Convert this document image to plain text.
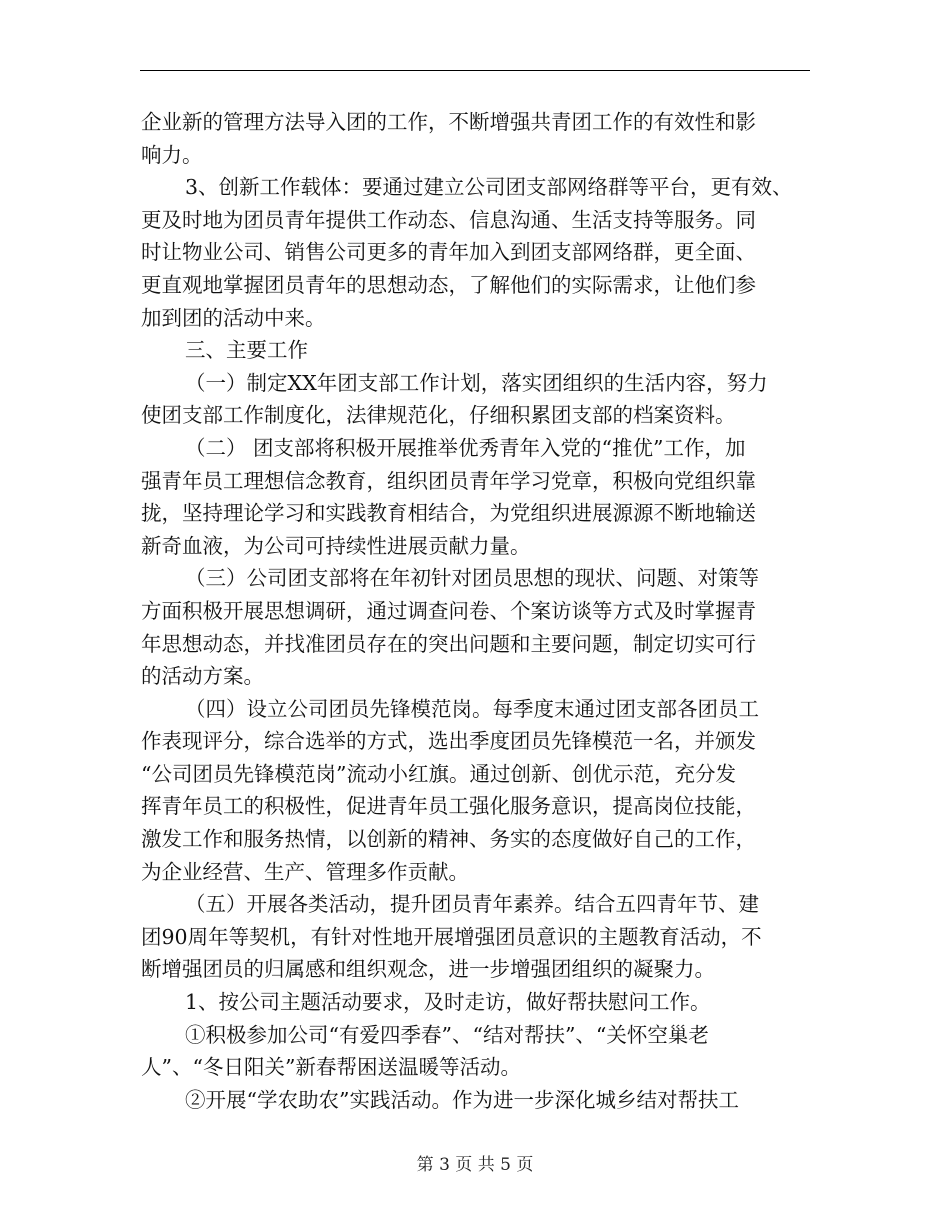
企业新的管理方法导入团的工作，不断增强共青团工作的有效性和影
响力。
3、创新工作载体：要通过建立公司团支部网络群等平台，更有效、
更及时地为团员青年提供工作动态、信息沟通、生活支持等服务。同
时让物业公司、销售公司更多的青年加入到团支部网络群，更全面、
更直观地掌握团员青年的思想动态，了解他们的实际需求，让他们参
加到团的活动中来。
三、主要工作
（一）制定XX年团支部工作计划，落实团组织的生活内容，努力
使团支部工作制度化，法律规范化，仔细积累团支部的档案资料。
（二） 团支部将积极开展推举优秀青年入党的“推优”工作，加
强青年员工理想信念教育，组织团员青年学习党章，积极向党组织靠
拢，坚持理论学习和实践教育相结合，为党组织进展源源不断地输送
新奇血液，为公司可持续性进展贡献力量。
（三）公司团支部将在年初针对团员思想的现状、问题、对策等
方面积极开展思想调研，通过调查问卷、个案访谈等方式及时掌握青
年思想动态，并找准团员存在的突出问题和主要问题，制定切实可行
的活动方案。
（四）设立公司团员先锋模范岗。每季度末通过团支部各团员工
作表现评分，综合选举的方式，选出季度团员先锋模范一名，并颁发
“公司团员先锋模范岗”流动小红旗。通过创新、创优示范，充分发
挥青年员工的积极性，促进青年员工强化服务意识，提高岗位技能，
激发工作和服务热情，以创新的精神、务实的态度做好自己的工作，
为企业经营、生产、管理多作贡献。
（五）开展各类活动，提升团员青年素养。结合五四青年节、建
团90周年等契机，有针对性地开展增强团员意识的主题教育活动，不
断增强团员的归属感和组织观念，进一步增强团组织的凝聚力。
1、按公司主题活动要求，及时走访，做好帮扶慰问工作。
①积极参加公司“有爱四季春”、“结对帮扶”、“关怀空巢老
人”、“冬日阳关”新春帮困送温暖等活动。
②开展“学农助农”实践活动。作为进一步深化城乡结对帮扶工
第 3 页 共 5 页
